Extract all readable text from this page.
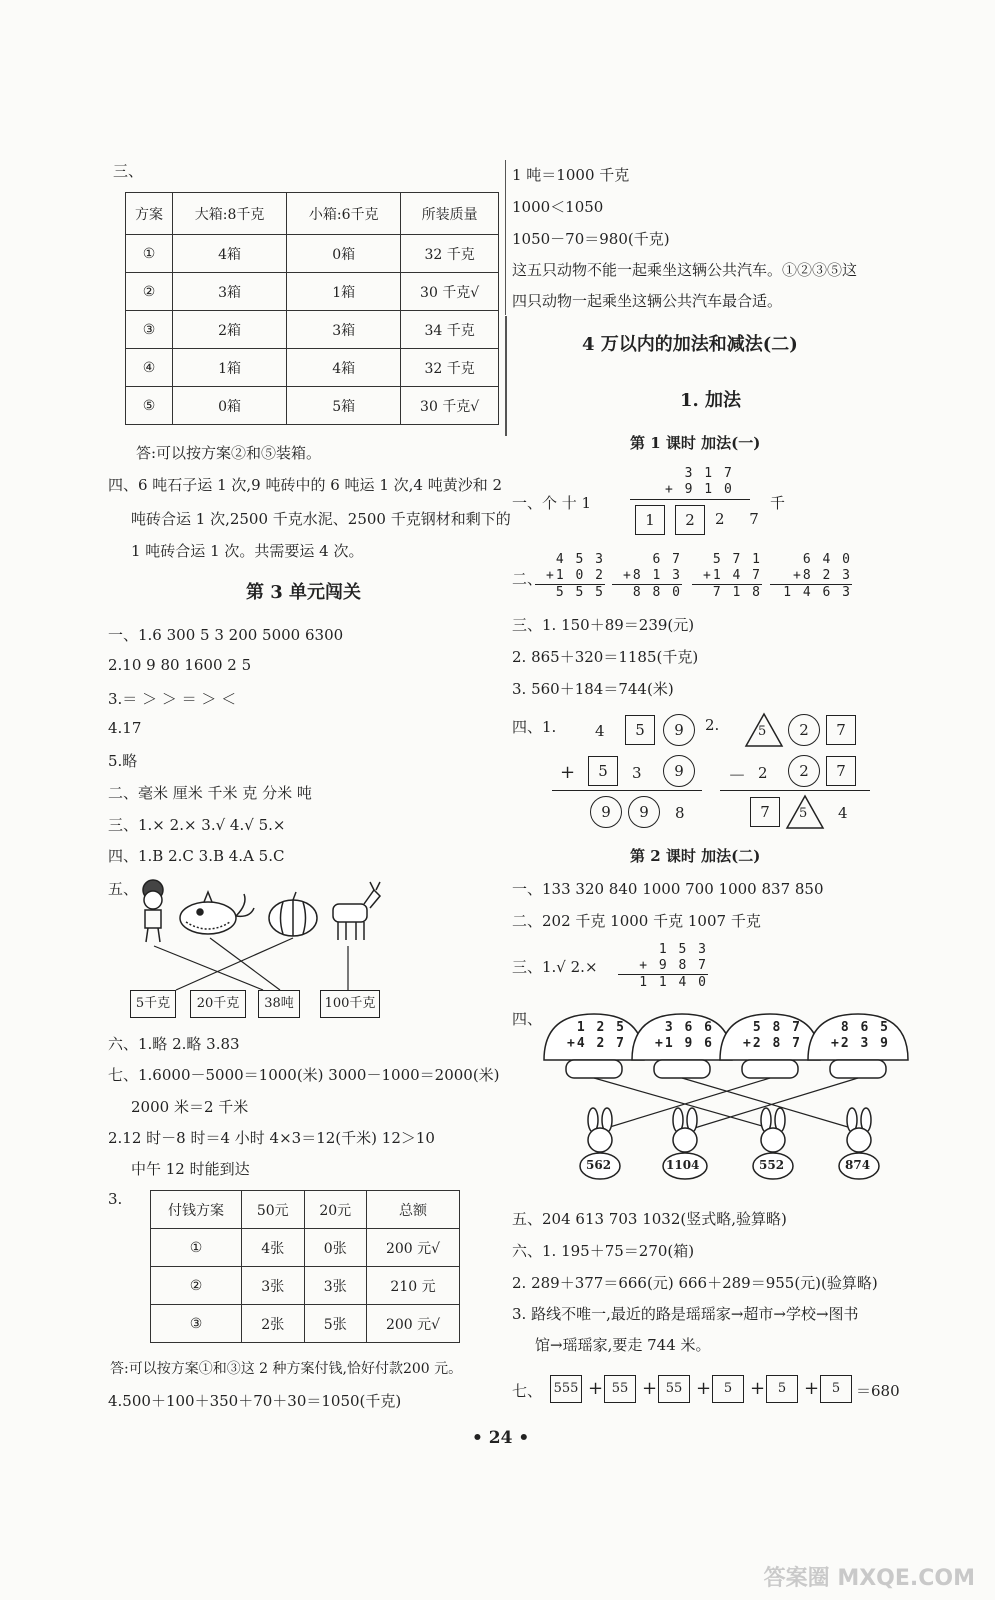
三、
方案	大箱:8千克	小箱:6千克	所装质量
①	4箱	0箱	32 千克
②	3箱	1箱	30 千克√
③	2箱	3箱	34 千克
④	1箱	4箱	32 千克
⑤	0箱	5箱	30 千克√
答:可以按方案②和⑤装箱。
四、6 吨石子运 1 次,9 吨砖中的 6 吨运 1 次,4 吨黄沙和 2
吨砖合运 1 次,2500 千克水泥、2500 千克钢材和剩下的
1 吨砖合运 1 次。共需要运 4 次。
第 3 单元闯关
一、1.6 300 5 3 200 5000 6300
2.10 9 80 1600 2 5
3.＝ ＞ ＞ ＝ ＞ ＜
4.17
5.略
二、毫米 厘米 千米 克 分米 吨
三、1.× 2.× 3.√ 4.√ 5.×
四、1.B 2.C 3.B 4.A 5.C
五、
5千克	20千克	38吨	100千克
六、1.略 2.略 3.83
七、1.6000－5000＝1000(米) 3000－1000＝2000(米)
2000 米＝2 千米
2.12 时－8 时＝4 小时 4×3＝12(千米) 12＞10
中午 12 时能到达
3.
付钱方案	50元	20元	总额
①	4张	0张	200 元√
②	3张	3张	210 元
③	2张	5张	200 元√
答:可以按方案①和③这 2 种方案付钱,恰好付款200 元。
4.500＋100＋350＋70＋30＝1050(千克)
1 吨＝1000 千克
1000＜1050
1050－70＝980(千克)
这五只动物不能一起乘坐这辆公共汽车。①②③⑤这
四只动物一起乘坐这辆公共汽车最合适。
4 万以内的加法和减法(二)
1. 加法
第 1 课时 加法(一)
一、个 十 1
3 1 7
+ 9 1 0
1	2	2 7
千
二、
4 5 3
+1 0 2
5 5 5
6 7
+8 1 3
8 8 0
5 7 1
+1 4 7
7 1 8
6 4 0
+8 2 3
1 4 6 3
三、1. 150＋89＝239(元)
2. 865＋320＝1185(千克)
3. 560＋184＝744(米)
四、1.	2.
4	5	9
+	5	3	9
9	9	8
5	2	7
－ 2	2	7
7	5 4
第 2 课时 加法(二)
一、133 320 840 1000 700 1000 837 850
二、202 千克 1000 千克 1007 千克
三、1.√ 2.×
1 5 3
+ 9 8 7
1 1 4 0
四、	1 2 5
+4 2 7
3 6 6
+1 9 6
5 8 7
+2 8 7
8 6 5
+2 3 9
562	1104	552	874
五、204 613 703 1032(竖式略,验算略)
六、1. 195＋75＝270(箱)
2. 289＋377＝666(元) 666＋289＝955(元)(验算略)
3. 路线不唯一,最近的路是瑶瑶家→超市→学校→图书
馆→瑶瑶家,要走 744 米。
七、 555 + 55 + 55 + 5 + 5 + 5	＝680
• 24 •
答案圈 MXQE.COM
